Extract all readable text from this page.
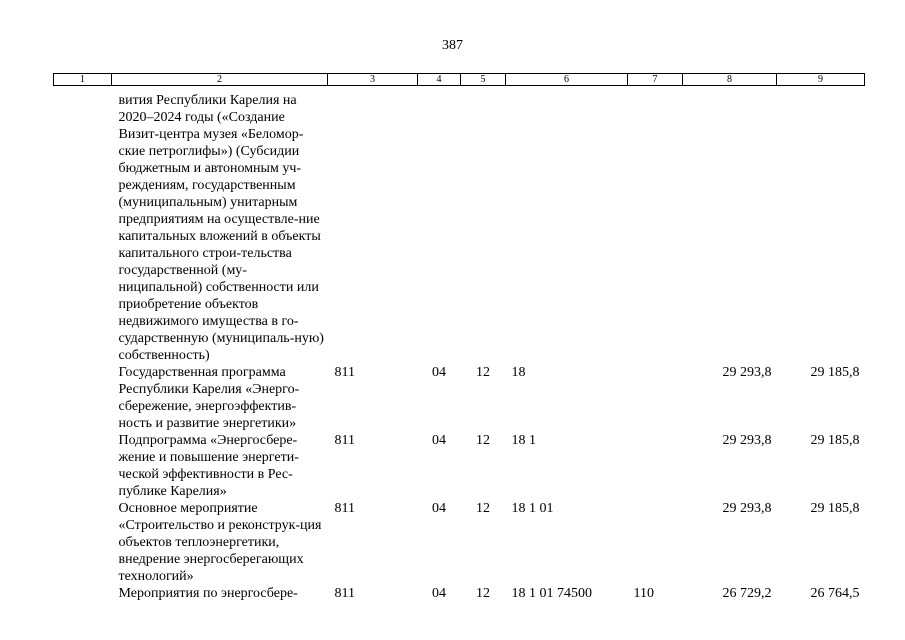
387
1	2	3	4	5	6	7	8	9
	вития Республики Карелия на 2020–2024 годы («Создание Визит-центра музея «Беломор-ские петроглифы») (Субсидии бюджетным и автономным уч-реждениям, государственным (муниципальным) унитарным предприятиям на осуществле-ние капитальных вложений в объекты капитального строи-тельства государственной (му-ниципальной) собственности или приобретение объектов недвижимого имущества в го-сударственную (муниципаль-ную) собственность)							
	Государственная программа Республики Карелия «Энерго-сбережение, энергоэффектив-ность и развитие энергетики»	811	04	12	18		29 293,8	29 185,8
	Подпрограмма «Энергосбере-жение и повышение энергети-ческой эффективности в Рес-публике Карелия»	811	04	12	18 1		29 293,8	29 185,8
	Основное мероприятие «Строительство и реконструк-ция объектов теплоэнергетики, внедрение энергосберегающих технологий»	811	04	12	18 1 01		29 293,8	29 185,8
	Мероприятия по энергосбере-	811	04	12	18 1 01 74500	110	26 729,2	26 764,5
